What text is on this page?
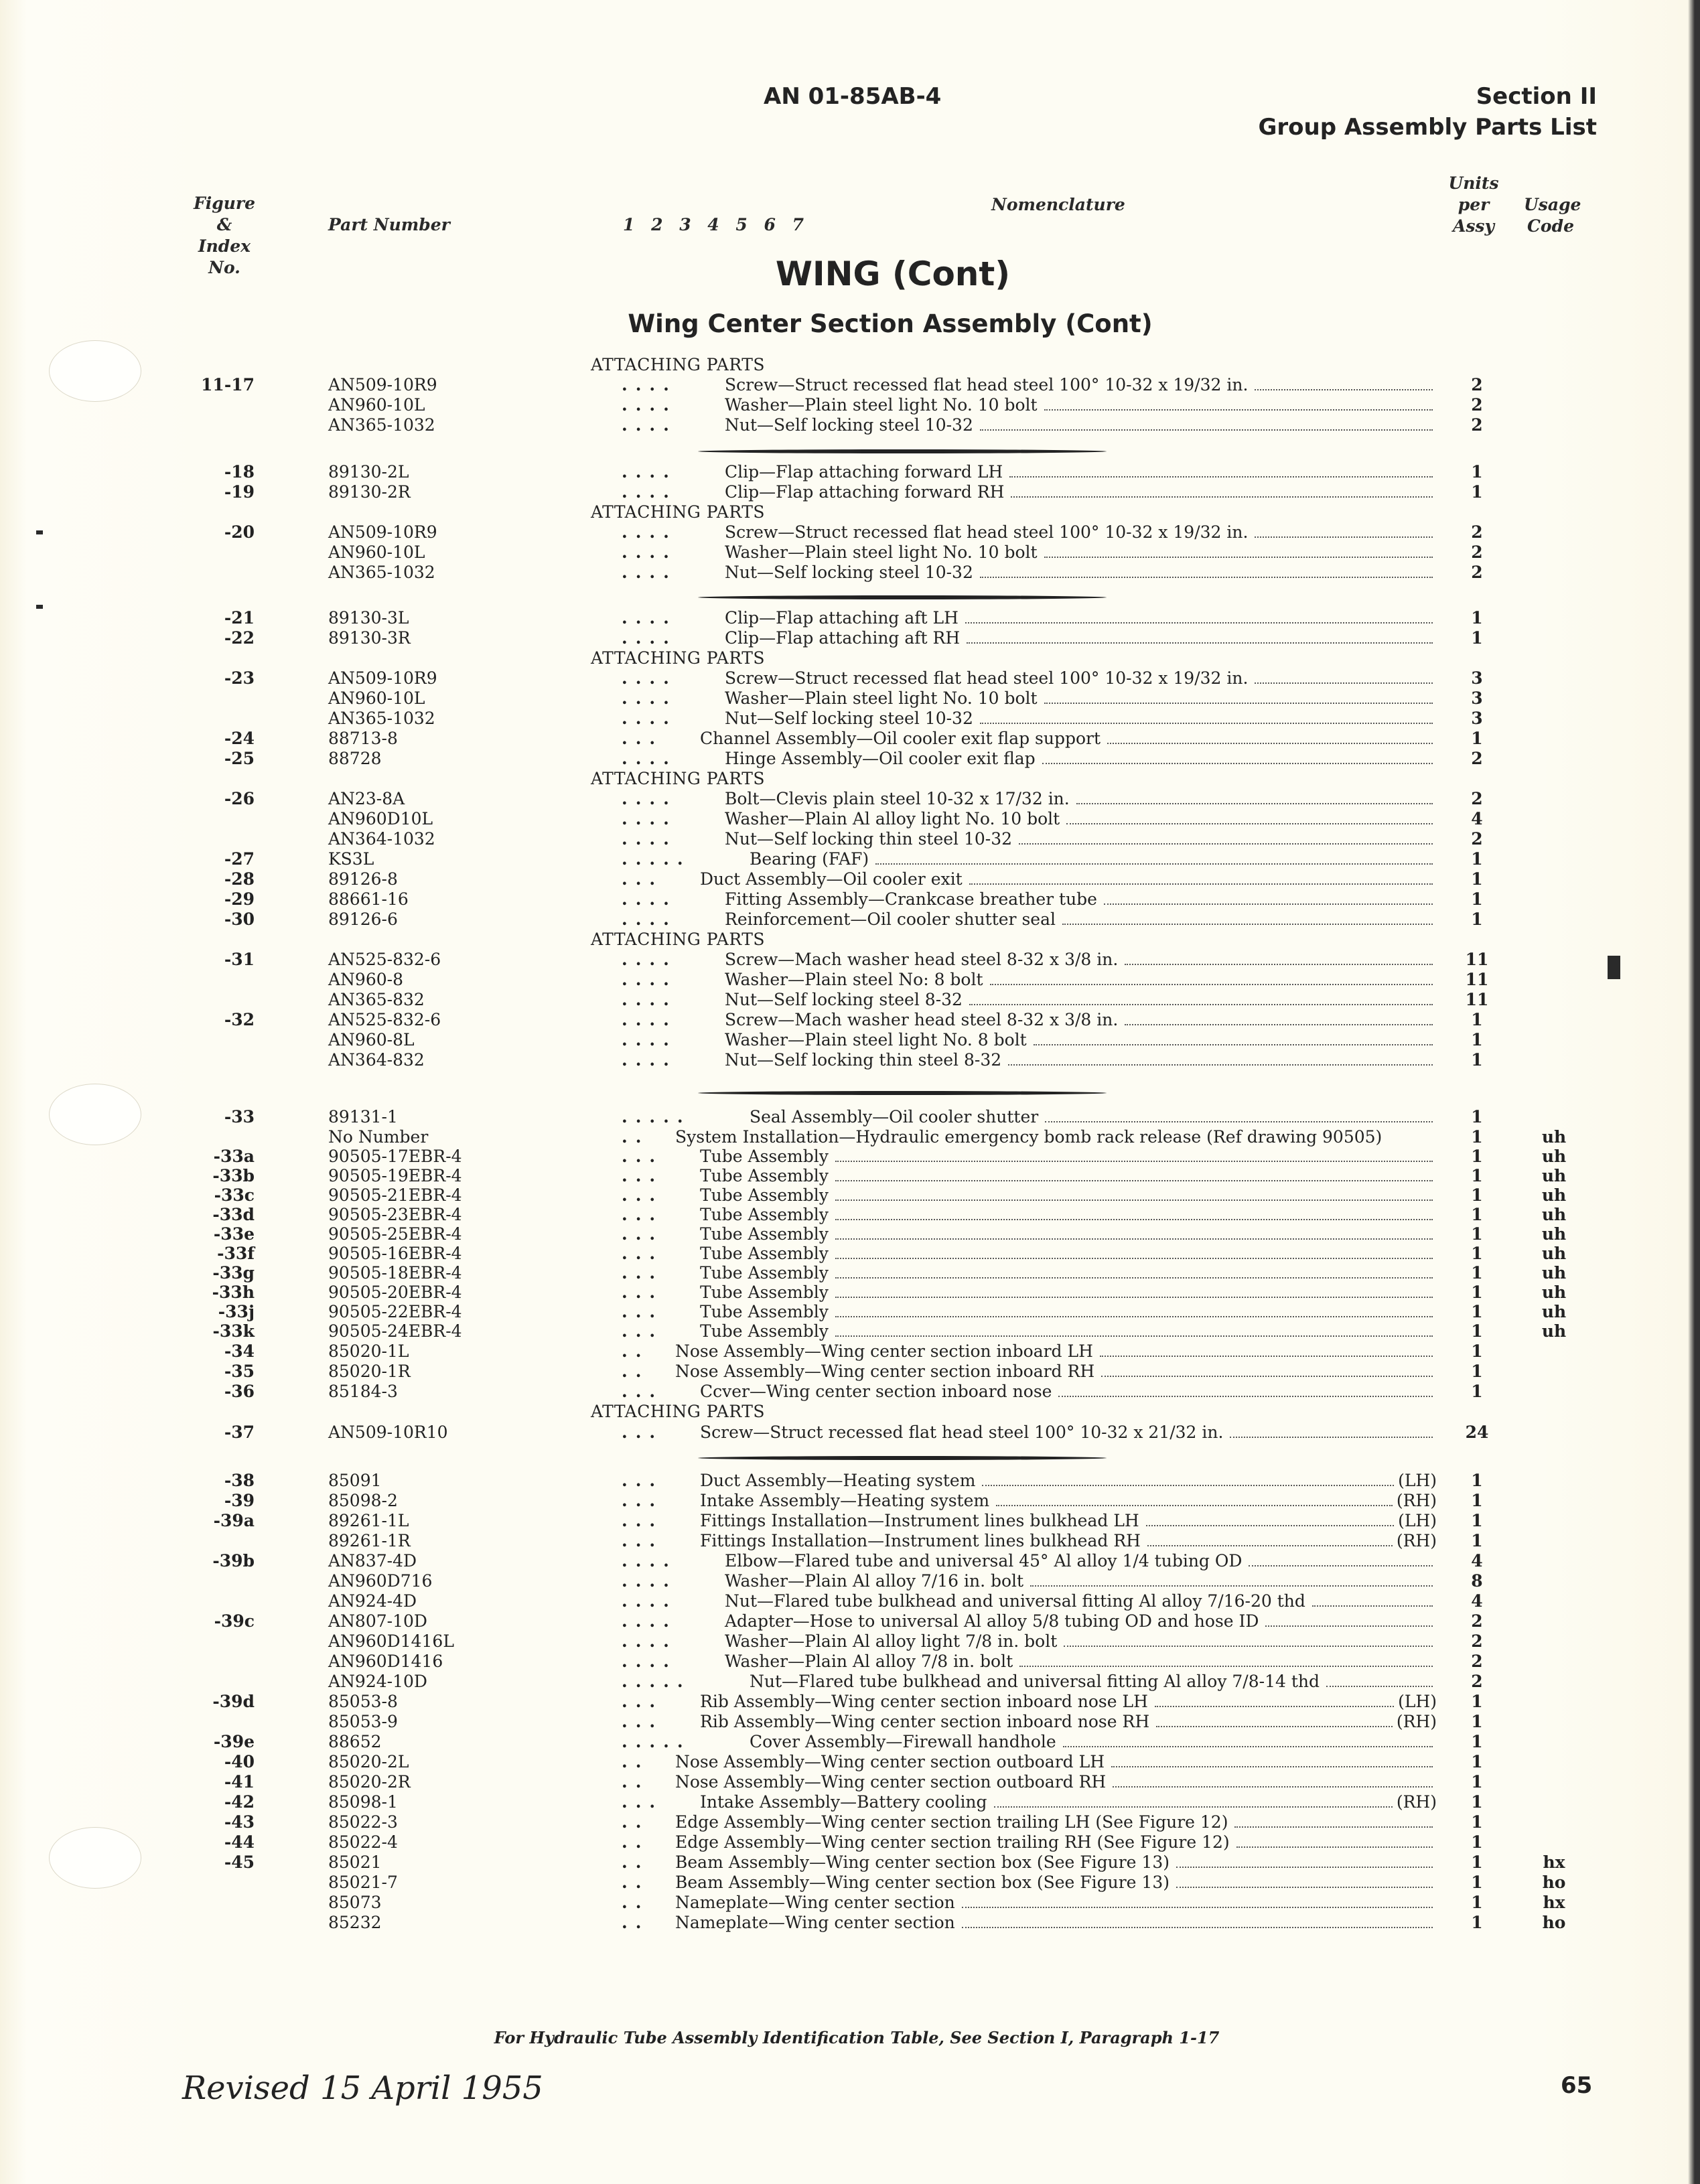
AN 01-85AB-4	Section II
Group Assembly Parts List
Figure &
Index No.
Part Number	1 2 3 4 5 6 7
Nomenclature
Units
per
Assy
Usage
Code
WING (Cont)
Wing Center Section Assembly (Cont)
ATTACHING PARTS
11-17	AN509-10R9	....	Screw—Struct recessed flat head steel 100° 10-32 x 19/32 in.	2
AN960-10L	....	Washer—Plain steel light No. 10 bolt	2
AN365-1032	....	Nut—Self locking steel 10-32	2
-18	89130-2L	....	Clip—Flap attaching forward LH	1
-19	89130-2R	....	Clip—Flap attaching forward RH	1
ATTACHING PARTS
-20	AN509-10R9	....	Screw—Struct recessed flat head steel 100° 10-32 x 19/32 in.	2
AN960-10L	....	Washer—Plain steel light No. 10 bolt	2
AN365-1032	....	Nut—Self locking steel 10-32	2
-21	89130-3L	....	Clip—Flap attaching aft LH	1
-22	89130-3R	....	Clip—Flap attaching aft RH	1
ATTACHING PARTS
-23	AN509-10R9	....	Screw—Struct recessed flat head steel 100° 10-32 x 19/32 in.	3
AN960-10L	....	Washer—Plain steel light No. 10 bolt	3
AN365-1032	....	Nut—Self locking steel 10-32	3
-24	88713-8	... Channel Assembly—Oil cooler exit flap support	1
-25	88728	....	Hinge Assembly—Oil cooler exit flap	2
ATTACHING PARTS
-26	AN23-8A	....	Bolt—Clevis plain steel 10-32 x 17/32 in.	2
AN960D10L	....	Washer—Plain Al alloy light No. 10 bolt	4
AN364-1032	....	Nut—Self locking thin steel 10-32	2
-27	KS3L	.....	Bearing (FAF)	1
-28	89126-8	... Duct Assembly—Oil cooler exit	1
-29	88661-16	....	Fitting Assembly—Crankcase breather tube	1
-30	89126-6	....	Reinforcement—Oil cooler shutter seal	1
ATTACHING PARTS
-31	AN525-832-6	....	Screw—Mach washer head steel 8-32 x 3/8 in.	11
AN960-8	....	Washer—Plain steel No: 8 bolt	11
AN365-832	....	Nut—Self locking steel 8-32	11
-32	AN525-832-6	....	Screw—Mach washer head steel 8-32 x 3/8 in.	1
AN960-8L	....	Washer—Plain steel light No. 8 bolt	1
AN364-832	....	Nut—Self locking thin steel 8-32	1
-33	89131-1	.....	Seal Assembly—Oil cooler shutter	1
No Number	.. System Installation—Hydraulic emergency bomb rack release (Ref drawing 90505)	1	uh
-33a	90505-17EBR-4	... Tube Assembly	1	uh
-33b	90505-19EBR-4	... Tube Assembly	1	uh
-33c	90505-21EBR-4	... Tube Assembly	1	uh
-33d	90505-23EBR-4	... Tube Assembly	1	uh
-33e	90505-25EBR-4	... Tube Assembly	1	uh
-33f	90505-16EBR-4	... Tube Assembly	1	uh
-33g	90505-18EBR-4	... Tube Assembly	1	uh
-33h	90505-20EBR-4	... Tube Assembly	1	uh
-33j	90505-22EBR-4	... Tube Assembly	1	uh
-33k	90505-24EBR-4	... Tube Assembly	1	uh
-34	85020-1L	.. Nose Assembly—Wing center section inboard LH	1
-35	85020-1R	.. Nose Assembly—Wing center section inboard RH	1
-36	85184-3	... Ccver—Wing center section inboard nose	1
ATTACHING PARTS
-37	AN509-10R10	... Screw—Struct recessed flat head steel 100° 10-32 x 21/32 in.	24
-38	85091	... Duct Assembly—Heating system	(LH)	1
-39	85098-2	... Intake Assembly—Heating system	(RH)	1
-39a	89261-1L	... Fittings Installation—Instrument lines bulkhead LH	(LH)	1
89261-1R	... Fittings Installation—Instrument lines bulkhead RH	(RH)	1
-39b	AN837-4D	....	Elbow—Flared tube and universal 45° Al alloy 1/4 tubing OD	4
AN960D716	....	Washer—Plain Al alloy 7/16 in. bolt	8
AN924-4D	....	Nut—Flared tube bulkhead and universal fitting Al alloy 7/16-20 thd	4
-39c	AN807-10D	....	Adapter—Hose to universal Al alloy 5/8 tubing OD and hose ID	2
AN960D1416L	....	Washer—Plain Al alloy light 7/8 in. bolt	2
AN960D1416	....	Washer—Plain Al alloy 7/8 in. bolt	2
AN924-10D	.....	Nut—Flared tube bulkhead and universal fitting Al alloy 7/8-14 thd	2
-39d	85053-8	... Rib Assembly—Wing center section inboard nose LH	(LH)	1
85053-9	... Rib Assembly—Wing center section inboard nose RH	(RH)	1
-39e	88652	.....	Cover Assembly—Firewall handhole	1
-40	85020-2L	.. Nose Assembly—Wing center section outboard LH	1
-41	85020-2R	.. Nose Assembly—Wing center section outboard RH	1
-42	85098-1	... Intake Assembly—Battery cooling	(RH)	1
-43	85022-3	.. Edge Assembly—Wing center section trailing LH (See Figure 12)	1
-44	85022-4	.. Edge Assembly—Wing center section trailing RH (See Figure 12)	1
-45	85021	.. Beam Assembly—Wing center section box (See Figure 13)	1	hx
85021-7	.. Beam Assembly—Wing center section box (See Figure 13)	1	ho
85073	.. Nameplate—Wing center section	1	hx
85232	.. Nameplate—Wing center section	1	ho
For Hydraulic Tube Assembly Identification Table, See Section I, Paragraph 1-17
Revised 15 April 1955	65
